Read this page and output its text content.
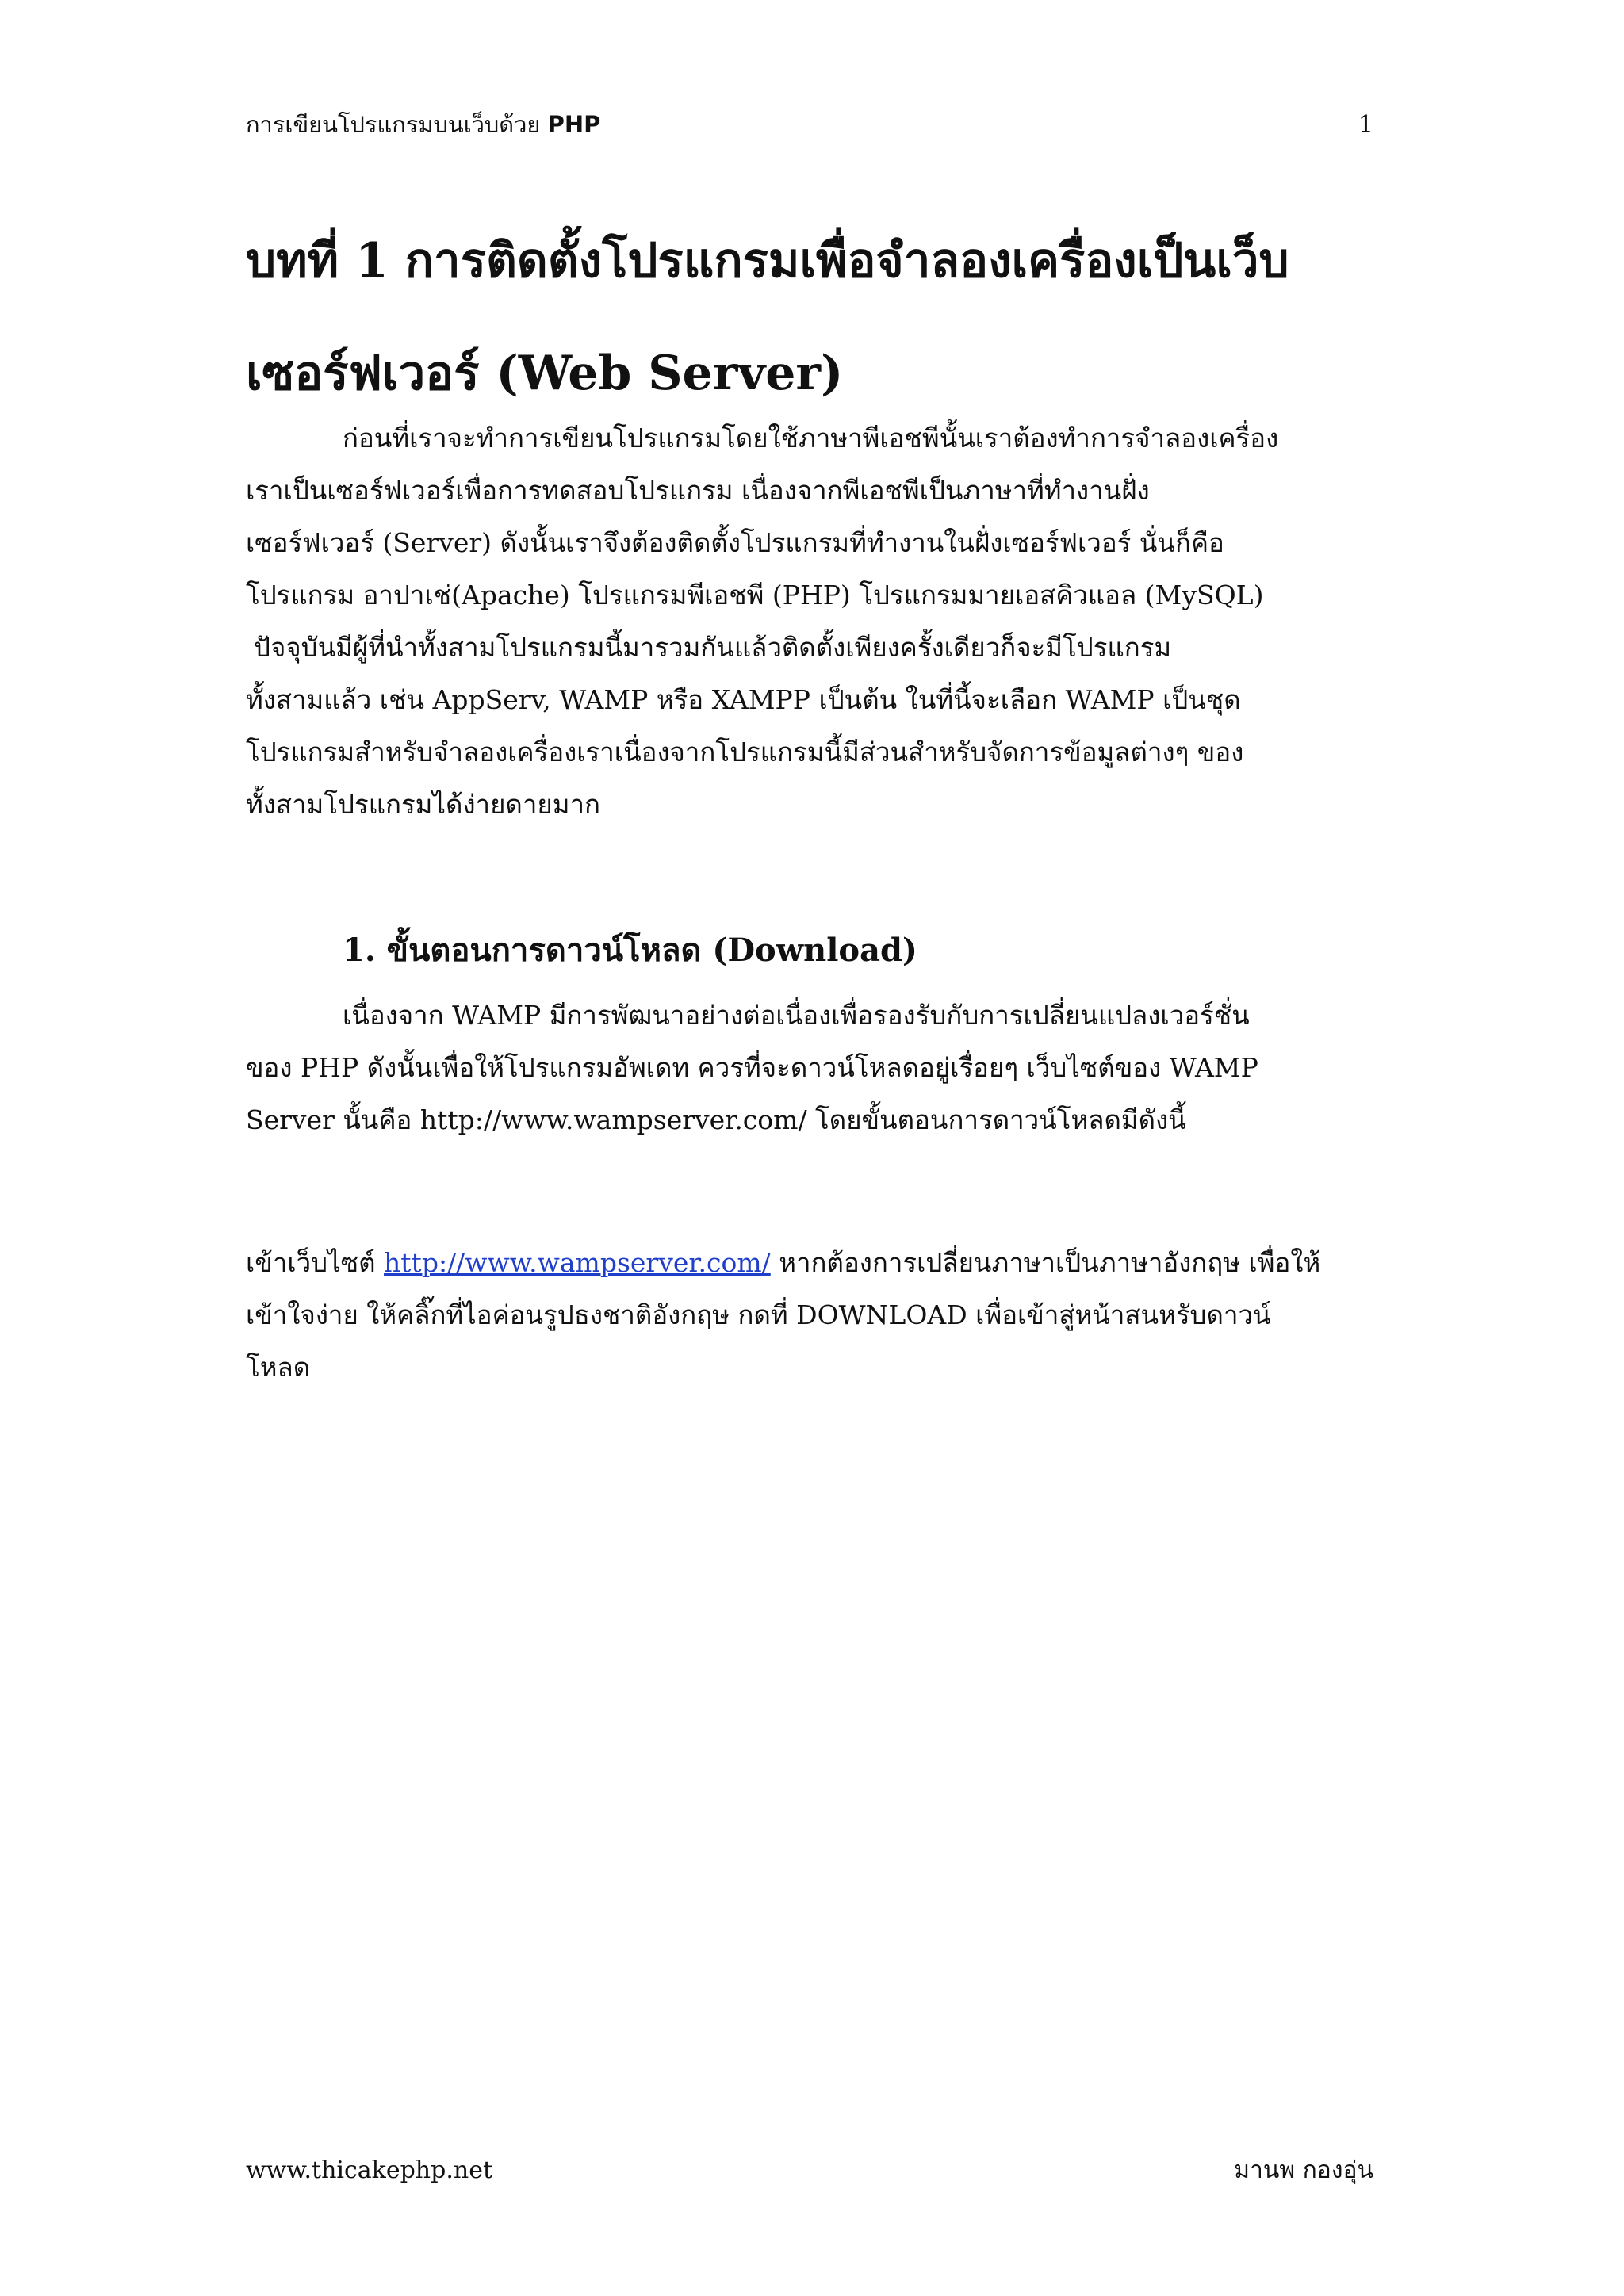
การเขียนโปรแกรมบนเว็บด้วย PHP	1
บทที่ 1 การติดตั้งโปรแกรมเพื่อจำลองเครื่องเป็นเว็บ
เซอร์ฟเวอร์ (Web Server)
ก่อนที่เราจะทำการเขียนโปรแกรมโดยใช้ภาษาพีเอชพีนั้นเราต้องทำการจำลองเครื่อง
เราเป็นเซอร์ฟเวอร์เพื่อการทดสอบโปรแกรม เนื่องจากพีเอชพีเป็นภาษาที่ทำงานฝั่ง
เซอร์ฟเวอร์ (Server) ดังนั้นเราจึงต้องติดตั้งโปรแกรมที่ทำงานในฝั่งเซอร์ฟเวอร์ นั่นก็คือ
โปรแกรม อาปาเช่(Apache) โปรแกรมพีเอชพี (PHP) โปรแกรมมายเอสคิวแอล (MySQL)
ปัจจุบันมีผู้ที่นำทั้งสามโปรแกรมนี้มารวมกันแล้วติดตั้งเพียงครั้งเดียวก็จะมีโปรแกรม
ทั้งสามแล้ว เช่น AppServ, WAMP หรือ XAMPP เป็นต้น ในที่นี้จะเลือก WAMP เป็นชุด
โปรแกรมสำหรับจำลองเครื่องเราเนื่องจากโปรแกรมนี้มีส่วนสำหรับจัดการข้อมูลต่างๆ ของ
ทั้งสามโปรแกรมได้ง่ายดายมาก
1. ขั้นตอนการดาวน์โหลด (Download)
เนื่องจาก WAMP มีการพัฒนาอย่างต่อเนื่องเพื่อรองรับกับการเปลี่ยนแปลงเวอร์ชั่น
ของ PHP ดังนั้นเพื่อให้โปรแกรมอัพเดท ควรที่จะดาวน์โหลดอยู่เรื่อยๆ เว็บไซต์ของ WAMP
Server นั้นคือ http://www.wampserver.com/ โดยขั้นตอนการดาวน์โหลดมีดังนี้
เข้าเว็บไซต์ http://www.wampserver.com/ หากต้องการเปลี่ยนภาษาเป็นภาษาอังกฤษ เพื่อให้
เข้าใจง่าย ให้คลิ๊กที่ไอค่อนรูปธงชาติอังกฤษ กดที่ DOWNLOAD เพื่อเข้าสู่หน้าสนหรับดาวน์
โหลด
www.thicakephp.net	มานพ กองอุ่น
